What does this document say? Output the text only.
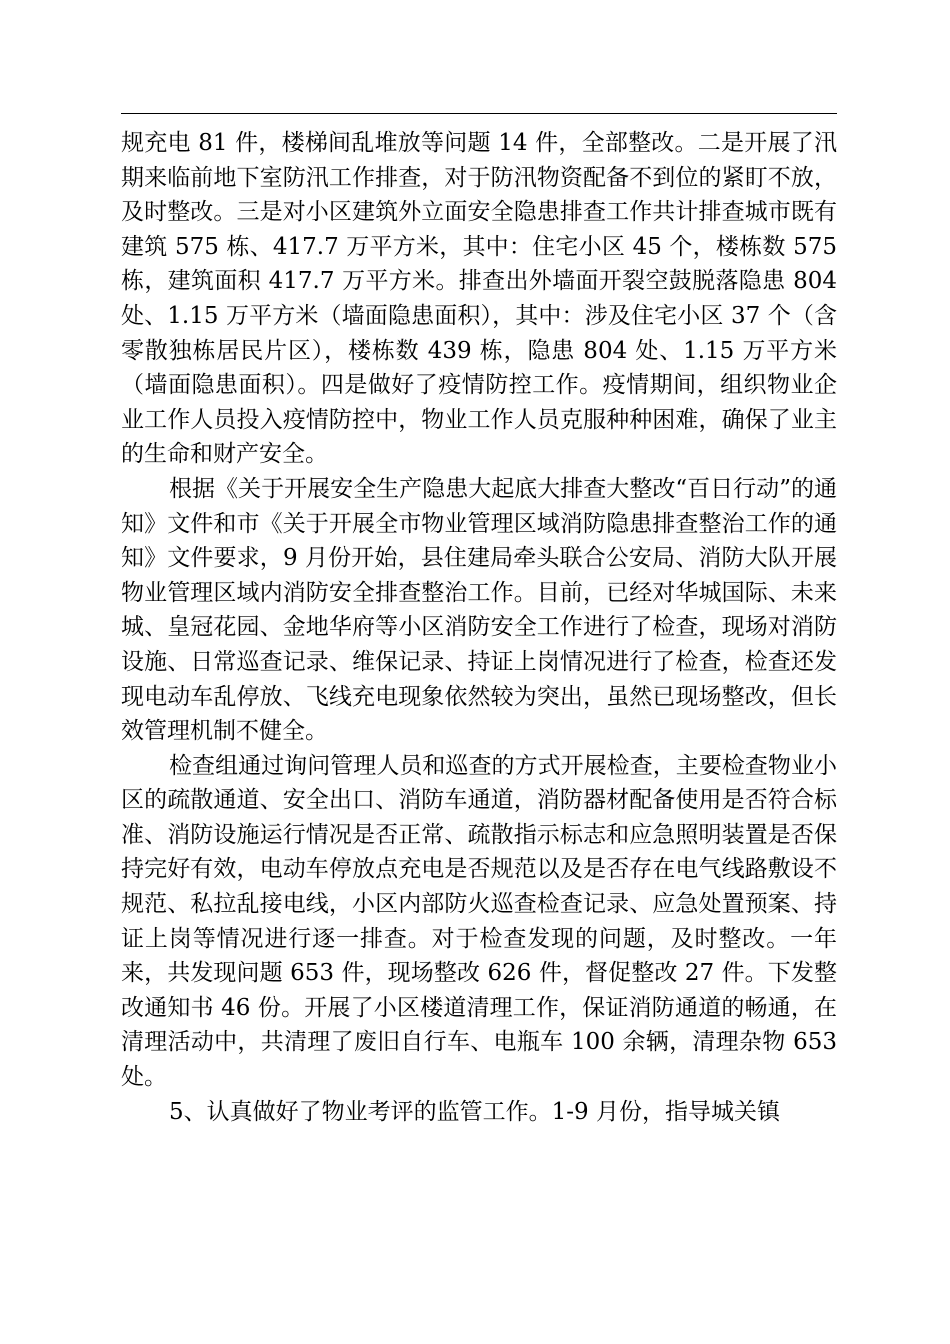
规充电 81 件，楼梯间乱堆放等问题 14 件，全部整改。二是开展了汛期来临前地下室防汛工作排查，对于防汛物资配备不到位的紧盯不放，及时整改。三是对小区建筑外立面安全隐患排查工作共计排查城市既有建筑 575 栋、417.7 万平方米，其中：住宅小区 45 个，楼栋数 575 栋，建筑面积 417.7 万平方米。排查出外墙面开裂空鼓脱落隐患 804 处、1.15 万平方米（墙面隐患面积），其中：涉及住宅小区 37 个（含零散独栋居民片区），楼栋数 439 栋，隐患 804 处、1.15 万平方米（墙面隐患面积）。四是做好了疫情防控工作。疫情期间，组织物业企业工作人员投入疫情防控中，物业工作人员克服种种困难，确保了业主的生命和财产安全。

根据《关于开展安全生产隐患大起底大排查大整改“百日行动”的通知》文件和市《关于开展全市物业管理区域消防隐患排查整治工作的通知》文件要求，9 月份开始，县住建局牵头联合公安局、消防大队开展物业管理区域内消防安全排查整治工作。目前，已经对华城国际、未来城、皇冠花园、金地华府等小区消防安全工作进行了检查，现场对消防设施、日常巡查记录、维保记录、持证上岗情况进行了检查，检查还发现电动车乱停放、飞线充电现象依然较为突出，虽然已现场整改，但长效管理机制不健全。

检查组通过询问管理人员和巡查的方式开展检查，主要检查物业小区的疏散通道、安全出口、消防车通道，消防器材配备使用是否符合标准、消防设施运行情况是否正常、疏散指示标志和应急照明装置是否保持完好有效，电动车停放点充电是否规范以及是否存在电气线路敷设不规范、私拉乱接电线，小区内部防火巡查检查记录、应急处置预案、持证上岗等情况进行逐一排查。对于检查发现的问题，及时整改。一年来，共发现问题 653 件，现场整改 626 件，督促整改 27 件。下发整改通知书 46 份。开展了小区楼道清理工作，保证消防通道的畅通，在清理活动中，共清理了废旧自行车、电瓶车 100 余辆，清理杂物 653 处。

5、认真做好了物业考评的监管工作。1-9 月份，指导城关镇
